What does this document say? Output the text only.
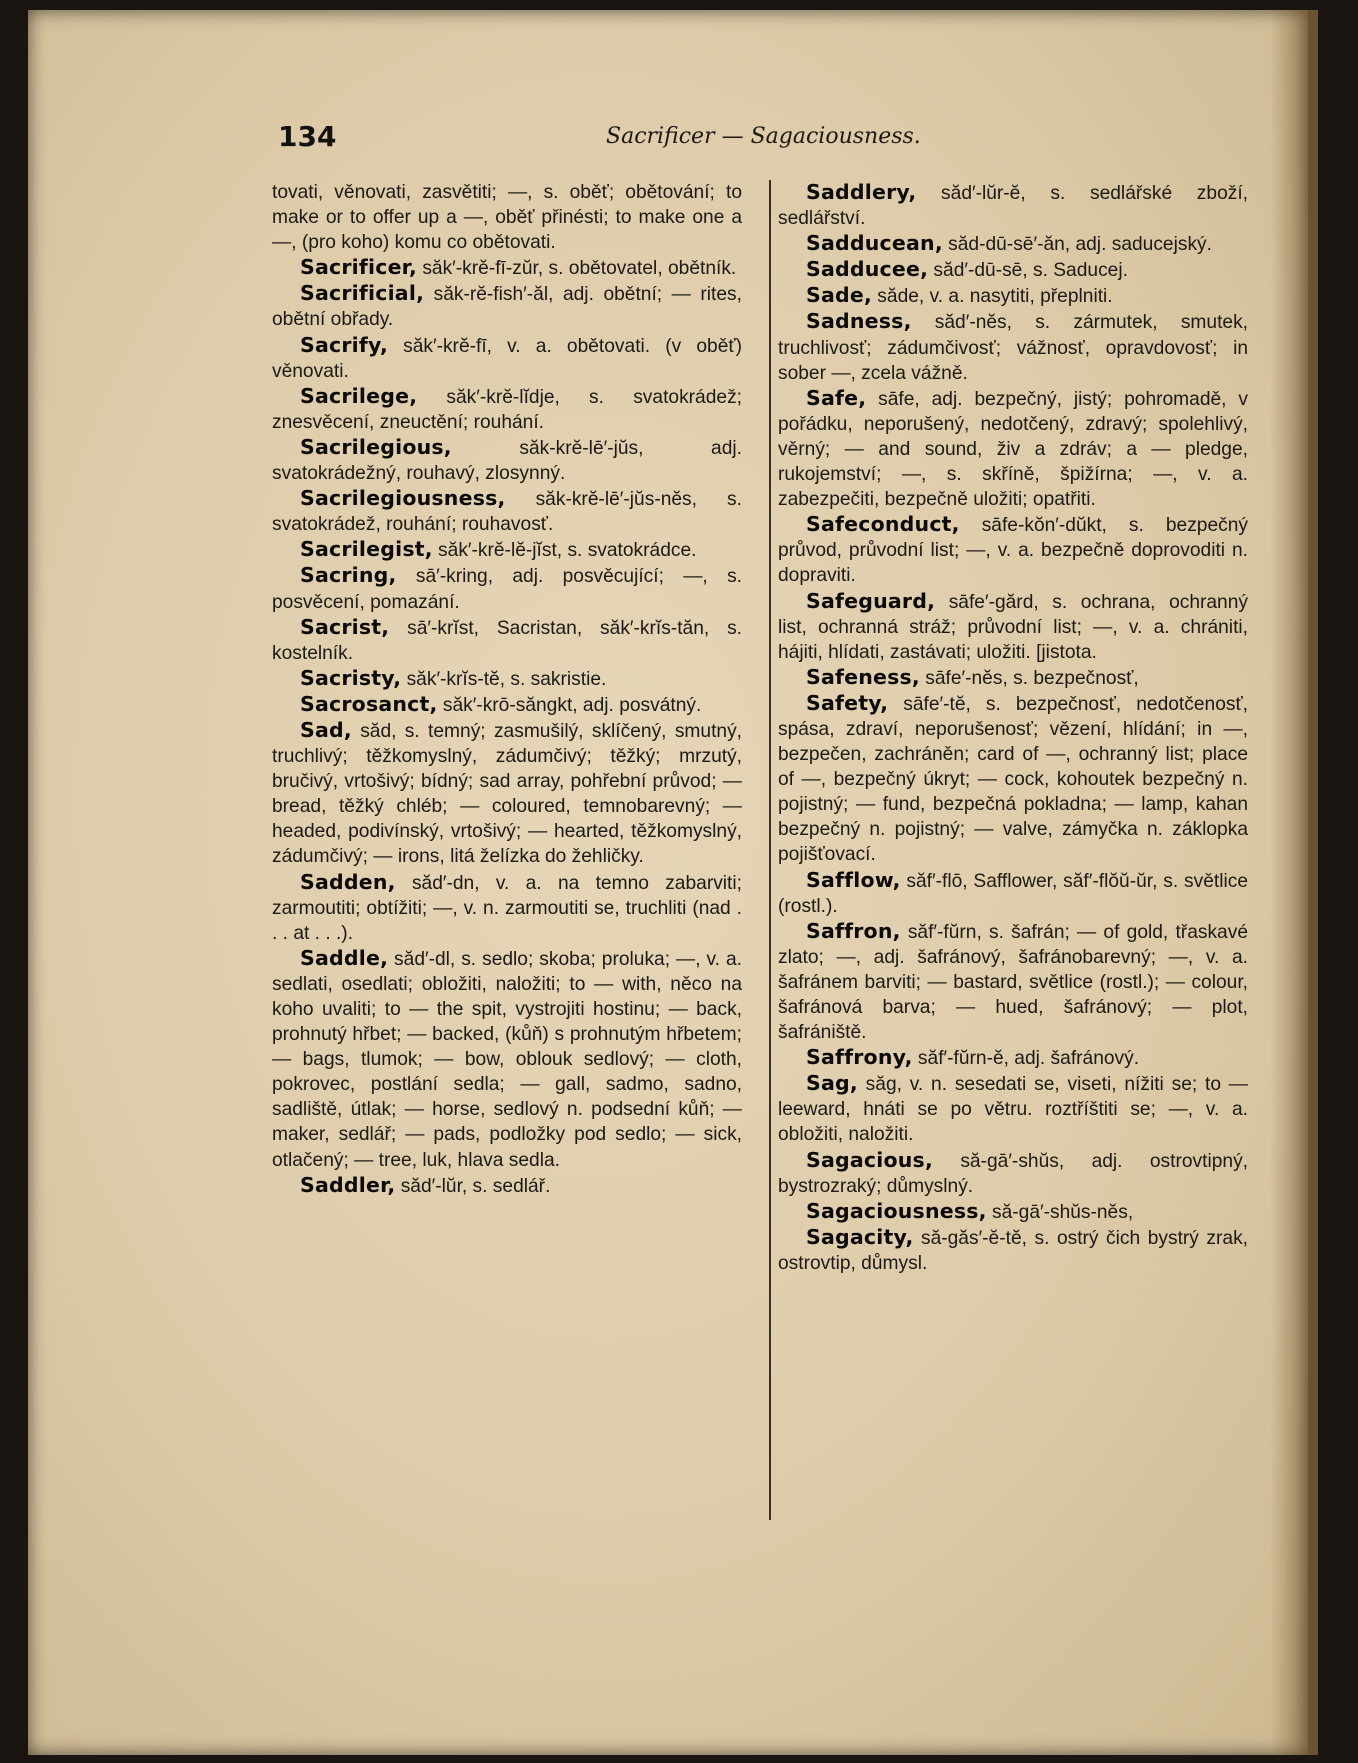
134	Sacrificer — Sagaciousness.

tovati, věnovati, zasvětiti; —, s. oběť; obětování; to make or to offer up a —, oběť přinésti; to make one a —, (pro koho) komu co obětovati.

Sacrificer, săk′-krĕ-fī-zŭr, s. obětovatel, obětník.

Sacrificial, săk-rĕ-fish′-ăl, adj. obětní; — rites, obětní obřady.

Sacrify, săk′-krĕ-fī, v. a. obětovati. (v oběť) věnovati.

Sacrilege, săk′-krĕ-lĭdje, s. svatokrádež; znesvěcení, zneuctění; rouhání.

Sacrilegious, săk-krĕ-lē′-jŭs, adj. svatokrádežný, rouhavý, zlosynný.

Sacrilegiousness, săk-krĕ-lē′-jŭs-nĕs, s. svatokrádež, rouhání; rouhavosť.

Sacrilegist, săk′-krĕ-lĕ-jĭst, s. svatokrádce.

Sacring, sā′-kring, adj. posvěcující; —, s. posvěcení, pomazání.

Sacrist, sā′-krĭst, Sacristan, săk′-krĭs-tăn, s. kostelník.

Sacristy, săk′-krĭs-tĕ, s. sakristie.

Sacrosanct, săk′-krō-săngkt, adj. posvátný.

Sad, săd, s. temný; zasmušilý, sklíčený, smutný, truchlivý; těžkomyslný, zádumčivý; těžký; mrzutý, bručivý, vrtošivý; bídný; sad array, pohřební průvod; — bread, těžký chléb; — coloured, temnobarevný; — headed, podivínský, vrtošivý; — hearted, těžkomyslný, zádumčivý; — irons, litá želízka do žehličky.

Sadden, săd′-dn, v. a. na temno zabarviti; zarmoutiti; obtížiti; —, v. n. zarmoutiti se, truchliti (nad . . . at . . .).

Saddle, săd′-dl, s. sedlo; skoba; proluka; —, v. a. sedlati, osedlati; obložiti, naložiti; to — with, něco na koho uvaliti; to — the spit, vystrojiti hostinu; — back, prohnutý hřbet; — backed, (kůň) s prohnutým hřbetem; — bags, tlumok; — bow, oblouk sedlový; — cloth, pokrovec, postlání sedla; — gall, sadmo, sadno, sadliště, útlak; — horse, sedlový n. podsední kůň; — maker, sedlář; — pads, podložky pod sedlo; — sick, otlačený; — tree, luk, hlava sedla.

Saddler, săd′-lŭr, s. sedlář.

Saddlery, săd′-lŭr-ĕ, s. sedlářské zboží, sedlářství.

Sadducean, săd-dū-sē′-ăn, adj. saducejský.

Sadducee, săd′-dū-sē, s. Saducej.

Sade, săde, v. a. nasytiti, přeplniti.

Sadness, săd′-nĕs, s. zármutek, smutek, truchlivosť; zádumčivosť; vážnosť, opravdovosť; in sober —, zcela vážně.

Safe, sāfe, adj. bezpečný, jistý; pohromadě, v pořádku, neporušený, nedotčený, zdravý; spolehlivý, věrný; — and sound, živ a zdráv; a — pledge, rukojemství; —, s. skříně, špižírna; —, v. a. zabezpečiti, bezpečně uložiti; opatřiti.

Safeconduct, sāfe-kŏn′-dŭkt, s. bezpečný průvod, průvodní list; —, v. a. bezpečně doprovoditi n. dopraviti.

Safeguard, sāfe′-gărd, s. ochrana, ochranný list, ochranná stráž; průvodní list; —, v. a. chrániti, hájiti, hlídati, zastávati; uložiti. [jistota.

Safeness, sāfe′-nĕs, s. bezpečnosť,

Safety, sāfe′-tĕ, s. bezpečnosť, nedotčenosť, spása, zdraví, neporušenosť; vězení, hlídání; in —, bezpečen, zachráněn; card of —, ochranný list; place of —, bezpečný úkryt; — cock, kohoutek bezpečný n. pojistný; — fund, bezpečná pokladna; — lamp, kahan bezpečný n. pojistný; — valve, zámyčka n. záklopka pojišťovací.

Safflow, săf′-flō, Safflower, săf′-flŏŭ-ŭr, s. světlice (rostl.).

Saffron, săf′-fŭrn, s. šafrán; — of gold, třaskavé zlato; —, adj. šafránový, šafránobarevný; —, v. a. šafránem barviti; — bastard, světlice (rostl.); — colour, šafránová barva; — hued, šafránový; — plot, šafrániště.

Saffrony, săf′-fŭrn-ĕ, adj. šafránový.

Sag, săg, v. n. sesedati se, viseti, nížiti se; to — leeward, hnáti se po větru. roztříštiti se; —, v. a. obložiti, naložiti.

Sagacious, să-gā′-shŭs, adj. ostrovtipný, bystrozraký; důmyslný.

Sagaciousness, să-gā′-shŭs-nĕs,

Sagacity, să-găs′-ĕ-tĕ, s. ostrý čich bystrý zrak, ostrovtip, důmysl.
